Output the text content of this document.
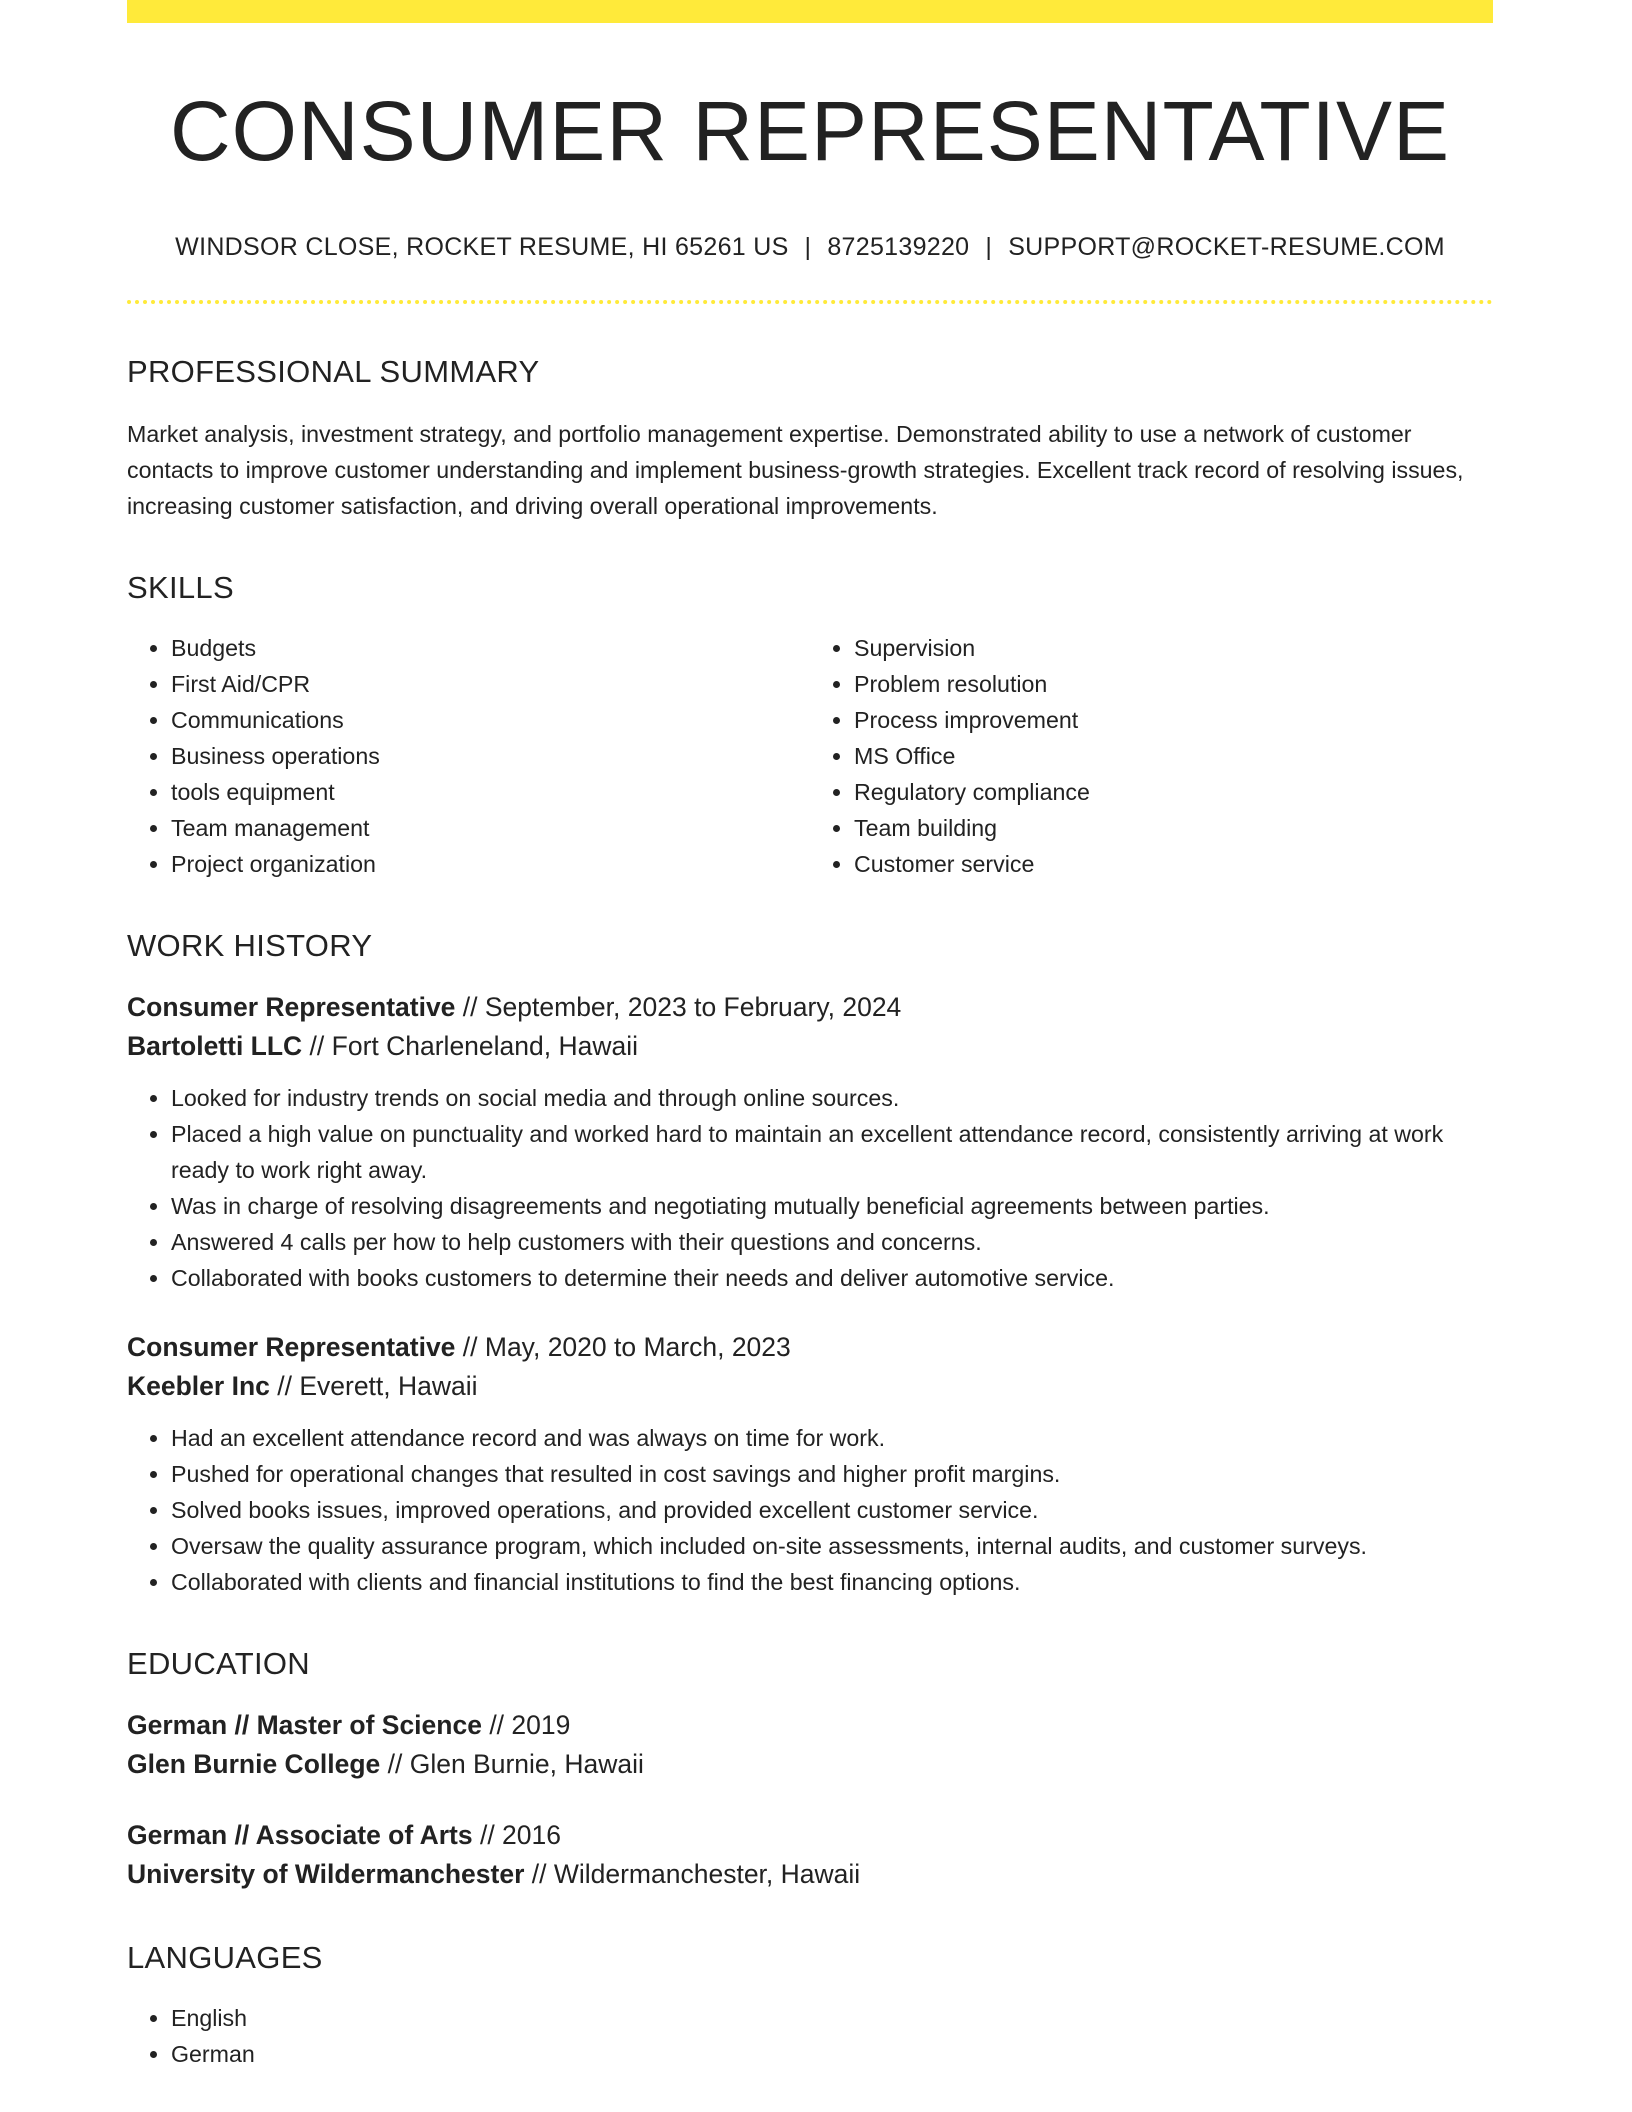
CONSUMER REPRESENTATIVE
WINDSOR CLOSE, ROCKET RESUME, HI 65261 US | 8725139220 | SUPPORT@ROCKET-RESUME.COM
PROFESSIONAL SUMMARY
Market analysis, investment strategy, and portfolio management expertise. Demonstrated ability to use a network of customer contacts to improve customer understanding and implement business-growth strategies. Excellent track record of resolving issues, increasing customer satisfaction, and driving overall operational improvements.
SKILLS
• Budgets
• First Aid/CPR
• Communications
• Business operations
• tools equipment
• Team management
• Project organization
• Supervision
• Problem resolution
• Process improvement
• MS Office
• Regulatory compliance
• Team building
• Customer service
WORK HISTORY
Consumer Representative // September, 2023 to February, 2024
Bartoletti LLC // Fort Charleneland, Hawaii
• Looked for industry trends on social media and through online sources.
• Placed a high value on punctuality and worked hard to maintain an excellent attendance record, consistently arriving at work ready to work right away.
• Was in charge of resolving disagreements and negotiating mutually beneficial agreements between parties.
• Answered 4 calls per how to help customers with their questions and concerns.
• Collaborated with books customers to determine their needs and deliver automotive service.
Consumer Representative // May, 2020 to March, 2023
Keebler Inc // Everett, Hawaii
• Had an excellent attendance record and was always on time for work.
• Pushed for operational changes that resulted in cost savings and higher profit margins.
• Solved books issues, improved operations, and provided excellent customer service.
• Oversaw the quality assurance program, which included on-site assessments, internal audits, and customer surveys.
• Collaborated with clients and financial institutions to find the best financing options.
EDUCATION
German // Master of Science // 2019
Glen Burnie College // Glen Burnie, Hawaii
German // Associate of Arts // 2016
University of Wildermanchester // Wildermanchester, Hawaii
LANGUAGES
• English
• German
